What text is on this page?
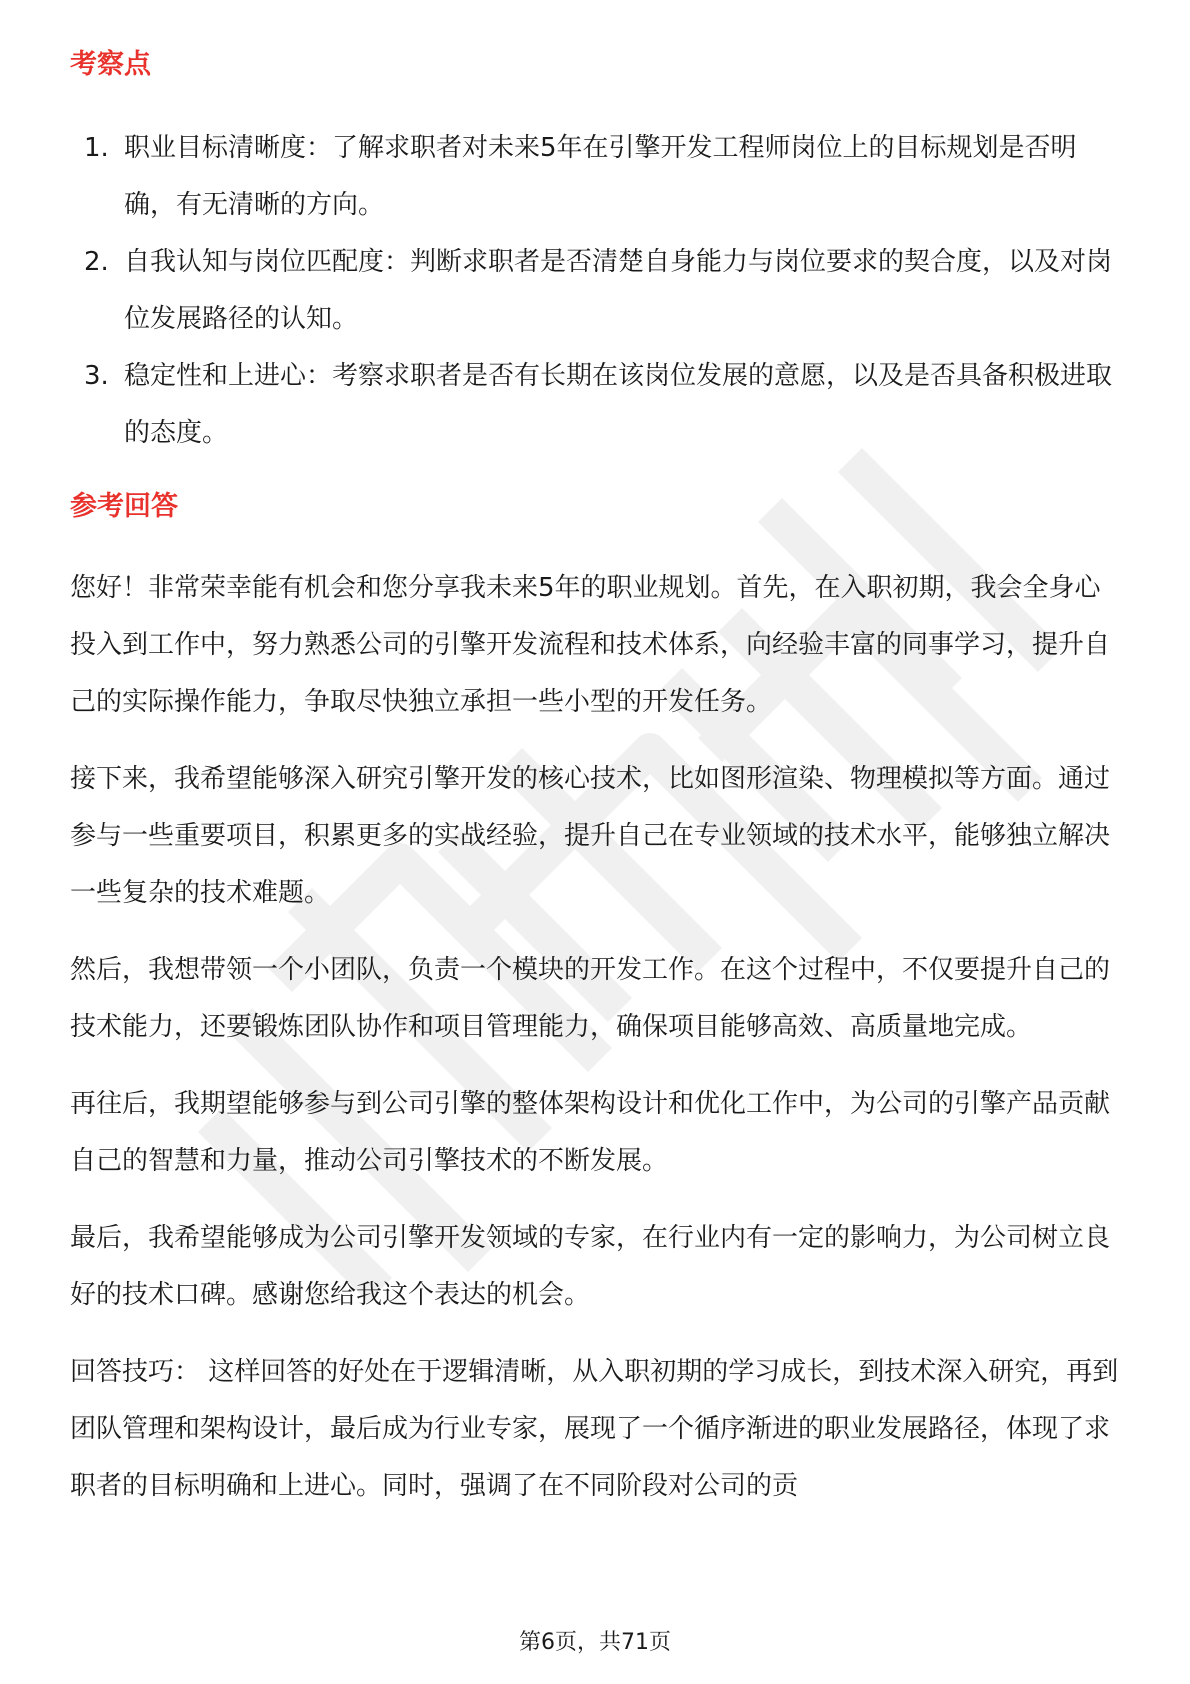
考察点
1. 职业目标清晰度：了解求职者对未来5年在引擎开发工程师岗位上的目标规划是否明确，有无清晰的方向。
2. 自我认知与岗位匹配度：判断求职者是否清楚自身能力与岗位要求的契合度，以及对岗位发展路径的认知。
3. 稳定性和上进心：考察求职者是否有长期在该岗位发展的意愿，以及是否具备积极进取的态度。
参考回答

您好！非常荣幸能有机会和您分享我未来5年的职业规划。首先，在入职初期，我会全身心投入到工作中，努力熟悉公司的引擎开发流程和技术体系，向经验丰富的同事学习，提升自己的实际操作能力，争取尽快独立承担一些小型的开发任务。

接下来，我希望能够深入研究引擎开发的核心技术，比如图形渲染、物理模拟等方面。通过参与一些重要项目，积累更多的实战经验，提升自己在专业领域的技术水平，能够独立解决一些复杂的技术难题。

然后，我想带领一个小团队，负责一个模块的开发工作。在这个过程中，不仅要提升自己的技术能力，还要锻炼团队协作和项目管理能力，确保项目能够高效、高质量地完成。

再往后，我期望能够参与到公司引擎的整体架构设计和优化工作中，为公司的引擎产品贡献自己的智慧和力量，推动公司引擎技术的不断发展。

最后，我希望能够成为公司引擎开发领域的专家，在行业内有一定的影响力，为公司树立良好的技术口碑。感谢您给我这个表达的机会。

回答技巧： 这样回答的好处在于逻辑清晰，从入职初期的学习成长，到技术深入研究，再到团队管理和架构设计，最后成为行业专家，展现了一个循序渐进的职业发展路径，体现了求职者的目标明确和上进心。同时，强调了在不同阶段对公司的贡

第6页，共71页
